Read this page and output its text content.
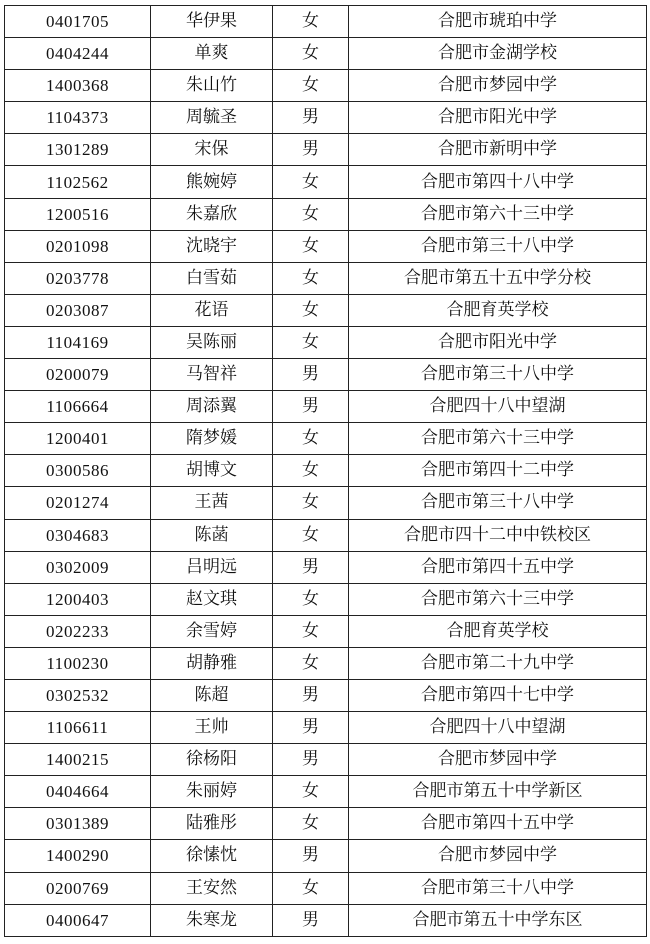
0401705	华伊果	女	合肥市琥珀中学
0404244	单爽	女	合肥市金湖学校
1400368	朱山竹	女	合肥市梦园中学
1104373	周毓圣	男	合肥市阳光中学
1301289	宋保	男	合肥市新明中学
1102562	熊婉婷	女	合肥市第四十八中学
1200516	朱嘉欣	女	合肥市第六十三中学
0201098	沈晓宇	女	合肥市第三十八中学
0203778	白雪茹	女	合肥市第五十五中学分校
0203087	花语	女	合肥育英学校
1104169	吴陈丽	女	合肥市阳光中学
0200079	马智祥	男	合肥市第三十八中学
1106664	周添翼	男	合肥四十八中望湖
1200401	隋梦媛	女	合肥市第六十三中学
0300586	胡博文	女	合肥市第四十二中学
0201274	王茜	女	合肥市第三十八中学
0304683	陈菡	女	合肥市四十二中中铁校区
0302009	吕明远	男	合肥市第四十五中学
1200403	赵文琪	女	合肥市第六十三中学
0202233	余雪婷	女	合肥育英学校
1100230	胡静雅	女	合肥市第二十九中学
0302532	陈超	男	合肥市第四十七中学
1106611	王帅	男	合肥四十八中望湖
1400215	徐杨阳	男	合肥市梦园中学
0404664	朱丽婷	女	合肥市第五十中学新区
0301389	陆雅彤	女	合肥市第四十五中学
1400290	徐愫忱	男	合肥市梦园中学
0200769	王安然	女	合肥市第三十八中学
0400647	朱寒龙	男	合肥市第五十中学东区
